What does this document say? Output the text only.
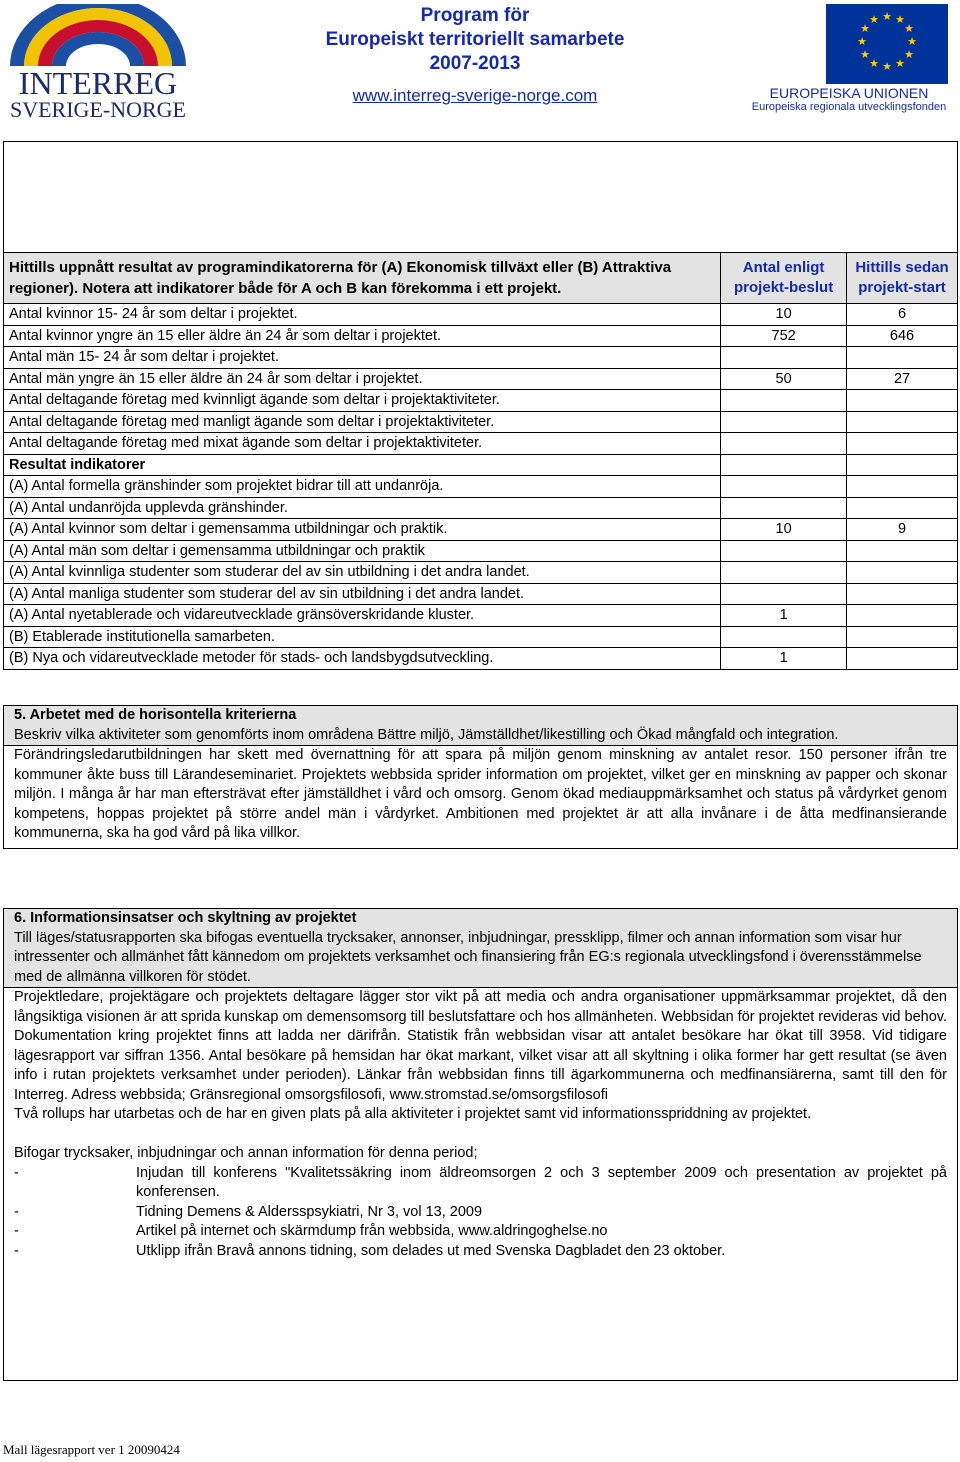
INTERREG
SVERIGE-NORGE
Program för
Europeiskt territoriellt samarbete
2007-2013
www.interreg-sverige-norge.com
★ ★
★
★
★
★
★
★
★
★
★
★
EUROPEISKA UNIONEN
Europeiska regionala utvecklingsfonden
Hittills uppnått resultat av programindikatorerna för (A) Ekonomisk tillväxt eller (B) Attraktiva regioner). Notera att indikatorer både för A och B kan förekomma i ett projekt.	Antal enligt projekt-beslut	Hittills sedan projekt-start
Antal kvinnor 15- 24 år som deltar i projektet.	10	6
Antal kvinnor yngre än 15 eller äldre än 24 år som deltar i projektet.	752	646
Antal män 15- 24 år som deltar i projektet.		
Antal män yngre än 15 eller äldre än 24 år som deltar i projektet.	50	27
Antal deltagande företag med kvinnligt ägande som deltar i projektaktiviteter.		
Antal deltagande företag med manligt ägande som deltar i projektaktiviteter.		
Antal deltagande företag med mixat ägande som deltar i projektaktiviteter.		
Resultat indikatorer		
(A) Antal formella gränshinder som projektet bidrar till att undanröja.		
(A) Antal undanröjda upplevda gränshinder.		
(A) Antal kvinnor som deltar i gemensamma utbildningar och praktik.	10	9
(A) Antal män som deltar i gemensamma utbildningar och praktik		
(A) Antal kvinnliga studenter som studerar del av sin utbildning i det andra landet.		
(A) Antal manliga studenter som studerar del av sin utbildning i det andra landet.		
(A) Antal nyetablerade och vidareutvecklade gränsöverskridande kluster.	1	
(B) Etablerade institutionella samarbeten.		
(B) Nya och vidareutvecklade metoder för stads- och landsbygdsutveckling.	1	

5. Arbetet med de horisontella kriterierna

Beskriv vilka aktiviteter som genomförts inom områdena Bättre miljö, Jämställdhet/likestilling och Ökad mångfald och integration.

Förändringsledarutbildningen har skett med övernattning för att spara på miljön genom minskning av antalet resor. 150 personer ifrån tre kommuner åkte buss till Lärandeseminariet. Projektets webbsida sprider information om projektet, vilket ger en minskning av papper och skonar miljön. I många år har man eftersträvat efter jämställdhet i vård och omsorg. Genom ökad mediauppmärksamhet och status på vårdyrket genom kompetens, hoppas projektet på större andel män i vårdyrket. Ambitionen med projektet är att alla invånare i de åtta medfinansierande kommunerna, ska ha god vård på lika villkor.

6. Informationsinsatser och skyltning av projektet

Till läges/statusrapporten ska bifogas eventuella trycksaker, annonser, inbjudningar, pressklipp, filmer och annan information som visar hur intressenter och allmänhet fått kännedom om projektets verksamhet och finansiering från EG:s regionala utvecklingsfond i överensstämmelse med de allmänna villkoren för stödet.

Projektledare, projektägare och projektets deltagare lägger stor vikt på att media och andra organisationer uppmärksammar projektet, då den långsiktiga visionen är att sprida kunskap om demensomsorg till beslutsfattare och hos allmänheten. Webbsidan för projektet revideras vid behov. Dokumentation kring projektet finns att ladda ner därifrån. Statistik från webbsidan visar att antalet besökare har ökat till 3958. Vid tidigare lägesrapport var siffran 1356. Antal besökare på hemsidan har ökat markant, vilket visar att all skyltning i olika former har gett resultat (se även info i rutan projektets verksamhet under perioden). Länkar från webbsidan finns till ägarkommunerna och medfinansiärerna, samt till den för Interreg. Adress webbsida; Gränsregional omsorgsfilosofi, www.stromstad.se/omsorgsfilosofi

Två rollups har utarbetas och de har en given plats på alla aktiviteter i projektet samt vid informationsspriddning av projektet.

Bifogar trycksaker, inbjudningar och annan information för denna period;

-	Injudan till konferens "Kvalitetssäkring inom äldreomsorgen 2 och 3 september 2009 och presentation av projektet på konferensen.
-	Tidning Demens & Aldersspsykiatri, Nr 3, vol 13, 2009
-	Artikel på internet och skärmdump från webbsida, www.aldringoghelse.no
-	Utklipp ifrån Bravå annons tidning, som delades ut med Svenska Dagbladet den 23 oktober.
Mall lägesrapport ver 1 20090424
